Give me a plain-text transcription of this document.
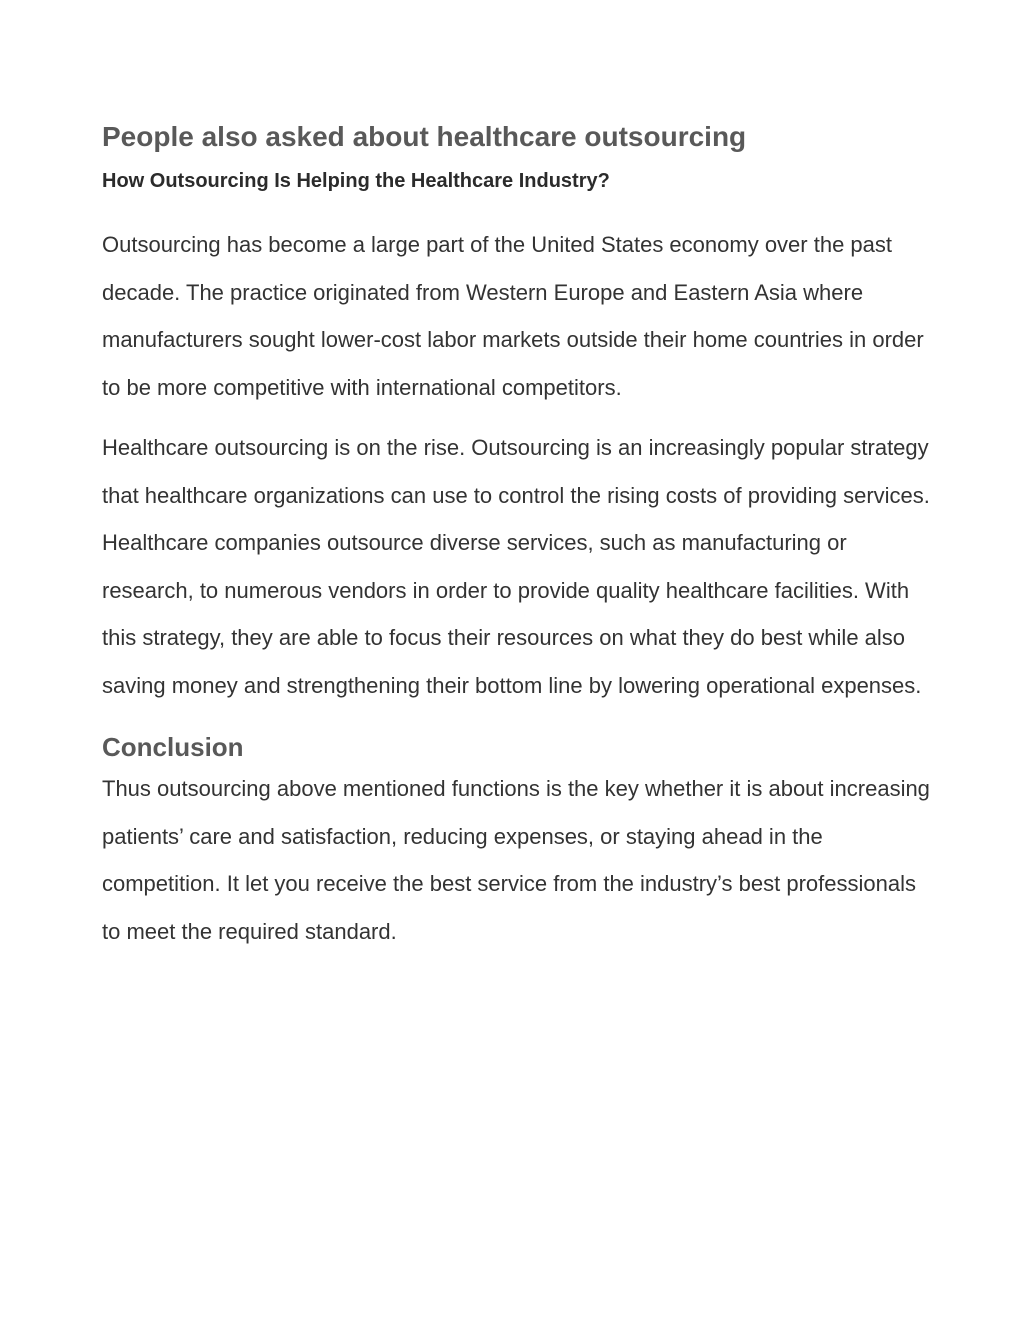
People also asked about healthcare outsourcing
How Outsourcing Is Helping the Healthcare Industry?

Outsourcing has become a large part of the United States economy over the past decade. The practice originated from Western Europe and Eastern Asia where manufacturers sought lower-cost labor markets outside their home countries in order to be more competitive with international competitors.

Healthcare outsourcing is on the rise. Outsourcing is an increasingly popular strategy that healthcare organizations can use to control the rising costs of providing services. Healthcare companies outsource diverse services, such as manufacturing or research, to numerous vendors in order to provide quality healthcare facilities. With this strategy, they are able to focus their resources on what they do best while also saving money and strengthening their bottom line by lowering operational expenses.

Conclusion

Thus outsourcing above mentioned functions is the key whether it is about increasing patients’ care and satisfaction, reducing expenses, or staying ahead in the competition. It let you receive the best service from the industry’s best professionals to meet the required standard.
